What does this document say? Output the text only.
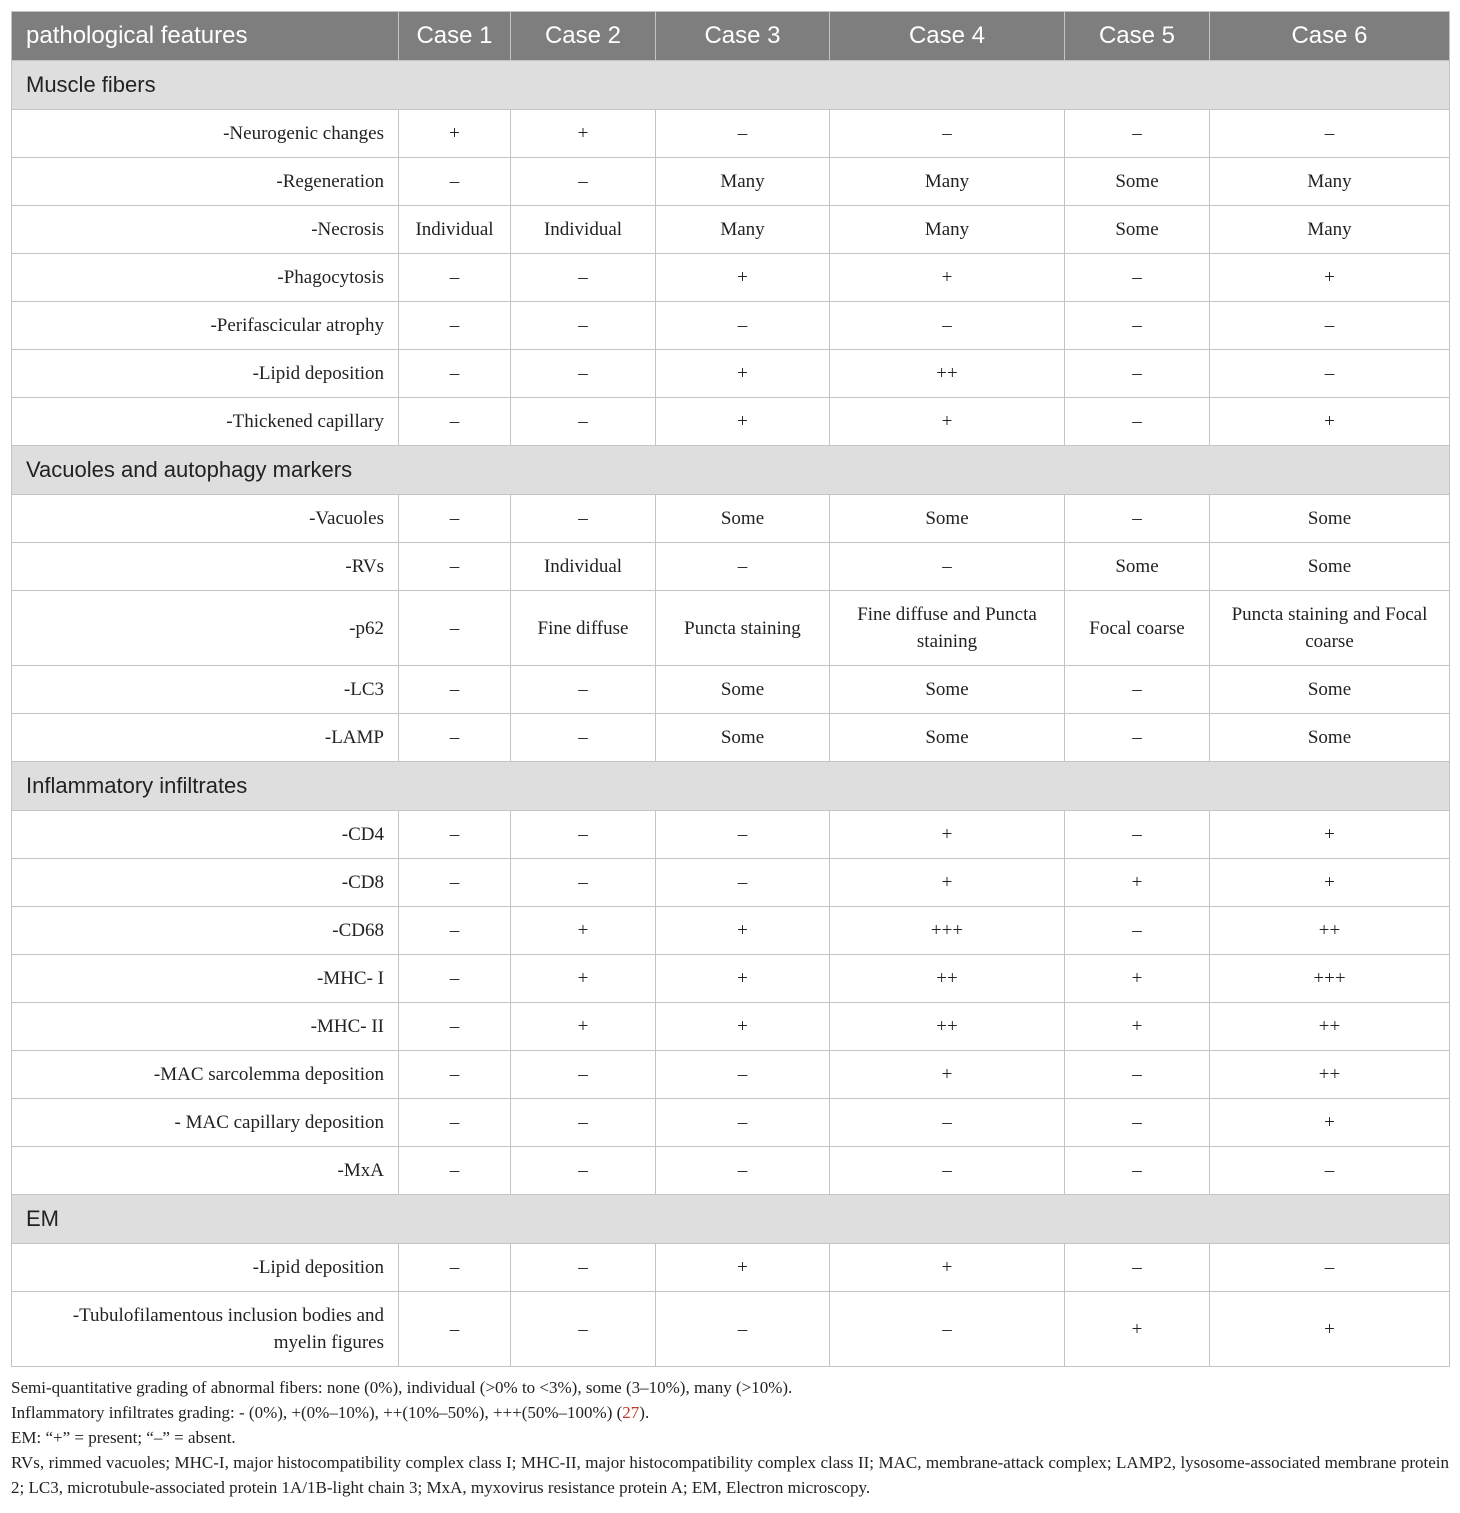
pathological features	Case 1	Case 2	Case 3	Case 4	Case 5	Case 6
Muscle fibers						
-Neurogenic changes	+	+	–	–	–	–
-Regeneration	–	–	Many	Many	Some	Many
-Necrosis	Individual	Individual	Many	Many	Some	Many
-Phagocytosis	–	–	+	+	–	+
-Perifascicular atrophy	–	–	–	–	–	–
-Lipid deposition	–	–	+	++	–	–
-Thickened capillary	–	–	+	+	–	+
Vacuoles and autophagy markers						
-Vacuoles	–	–	Some	Some	–	Some
-RVs	–	Individual	–	–	Some	Some
-p62	–	Fine diffuse	Puncta staining	Fine diffuse and Puncta staining	Focal coarse	Puncta staining and Focal coarse
-LC3	–	–	Some	Some	–	Some
-LAMP	–	–	Some	Some	–	Some
Inflammatory infiltrates						
-CD4	–	–	–	+	–	+
-CD8	–	–	–	+	+	+
-CD68	–	+	+	+++	–	++
-MHC- I	–	+	+	++	+	+++
-MHC- II	–	+	+	++	+	++
-MAC sarcolemma deposition	–	–	–	+	–	++
- MAC capillary deposition	–	–	–	–	–	+
-MxA	–	–	–	–	–	–
EM						
-Lipid deposition	–	–	+	+	–	–
-Tubulofilamentous inclusion bodies and myelin figures	–	–	–	–	+	+
Semi-quantitative grading of abnormal fibers: none (0%), individual (>0% to <3%), some (3–10%), many (>10%).
Inflammatory infiltrates grading: - (0%), +(0%–10%), ++(10%–50%), +++(50%–100%) (27).
EM: “+” = present; “–” = absent.
RVs, rimmed vacuoles; MHC-I, major histocompatibility complex class I; MHC-II, major histocompatibility complex class II; MAC, membrane-attack complex; LAMP2, lysosome-associated membrane protein 2; LC3, microtubule-associated protein 1A/1B-light chain 3; MxA, myxovirus resistance protein A; EM, Electron microscopy.
